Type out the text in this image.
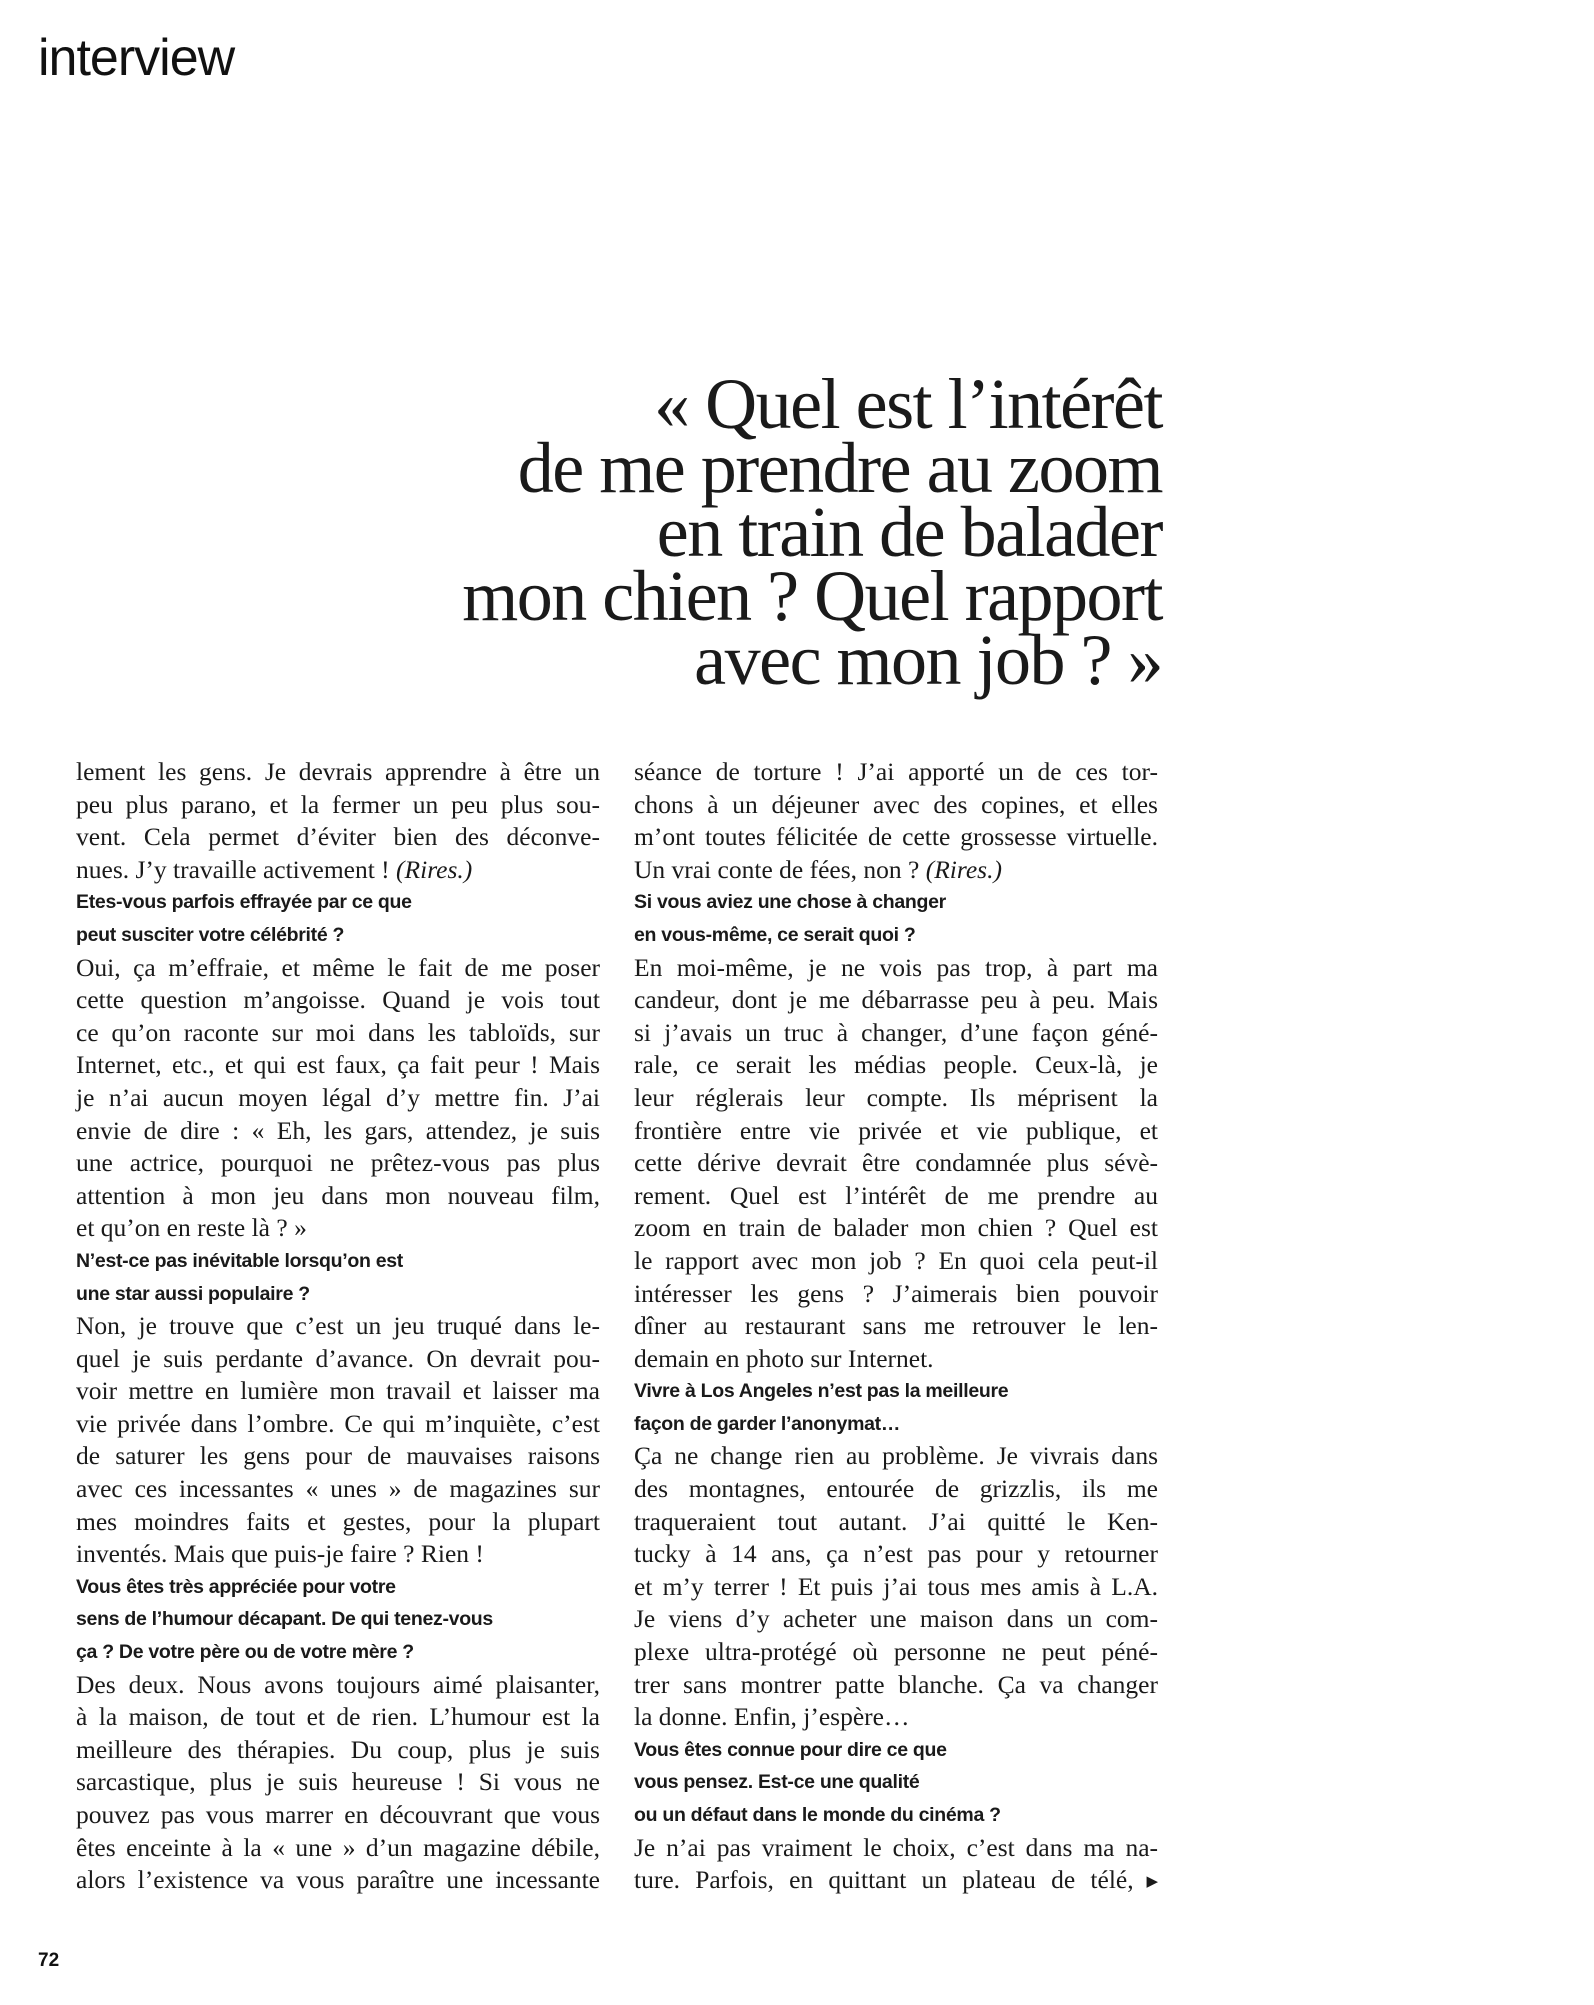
interview
« Quel est l’intérêt
de me prendre au zoom
en train de balader
mon chien ? Quel rapport
avec mon job ? »
lement les gens. Je devrais apprendre à être un
peu plus parano, et la fermer un peu plus sou-
vent. Cela permet d’éviter bien des déconve-
nues. J’y travaille activement ! (Rires.)
Etes-vous parfois effrayée par ce que
peut susciter votre célébrité ?
Oui, ça m’effraie, et même le fait de me poser
cette question m’angoisse. Quand je vois tout
ce qu’on raconte sur moi dans les tabloïds, sur
Internet, etc., et qui est faux, ça fait peur ! Mais
je n’ai aucun moyen légal d’y mettre fin. J’ai
envie de dire : « Eh, les gars, attendez, je suis
une actrice, pourquoi ne prêtez-vous pas plus
attention à mon jeu dans mon nouveau film,
et qu’on en reste là ? »
N’est-ce pas inévitable lorsqu’on est
une star aussi populaire ?
Non, je trouve que c’est un jeu truqué dans le-
quel je suis perdante d’avance. On devrait pou-
voir mettre en lumière mon travail et laisser ma
vie privée dans l’ombre. Ce qui m’inquiète, c’est
de saturer les gens pour de mauvaises raisons
avec ces incessantes « unes » de magazines sur
mes moindres faits et gestes, pour la plupart
inventés. Mais que puis-je faire ? Rien !
Vous êtes très appréciée pour votre
sens de l’humour décapant. De qui tenez-vous
ça ? De votre père ou de votre mère ?
Des deux. Nous avons toujours aimé plaisanter,
à la maison, de tout et de rien. L’humour est la
meilleure des thérapies. Du coup, plus je suis
sarcastique, plus je suis heureuse ! Si vous ne
pouvez pas vous marrer en découvrant que vous
êtes enceinte à la « une » d’un magazine débile,
alors l’existence va vous paraître une incessante
séance de torture ! J’ai apporté un de ces tor-
chons à un déjeuner avec des copines, et elles
m’ont toutes félicitée de cette grossesse virtuelle.
Un vrai conte de fées, non ? (Rires.)
Si vous aviez une chose à changer
en vous-même, ce serait quoi ?
En moi-même, je ne vois pas trop, à part ma
candeur, dont je me débarrasse peu à peu. Mais
si j’avais un truc à changer, d’une façon géné-
rale, ce serait les médias people. Ceux-là, je
leur réglerais leur compte. Ils méprisent la
frontière entre vie privée et vie publique, et
cette dérive devrait être condamnée plus sévè-
rement. Quel est l’intérêt de me prendre au
zoom en train de balader mon chien ? Quel est
le rapport avec mon job ? En quoi cela peut-il
intéresser les gens ? J’aimerais bien pouvoir
dîner au restaurant sans me retrouver le len-
demain en photo sur Internet.
Vivre à Los Angeles n’est pas la meilleure
façon de garder l’anonymat…
Ça ne change rien au problème. Je vivrais dans
des montagnes, entourée de grizzlis, ils me
traqueraient tout autant. J’ai quitté le Ken-
tucky à 14 ans, ça n’est pas pour y retourner
et m’y terrer ! Et puis j’ai tous mes amis à L.A.
Je viens d’y acheter une maison dans un com-
plexe ultra-protégé où personne ne peut péné-
trer sans montrer patte blanche. Ça va changer
la donne. Enfin, j’espère…
Vous êtes connue pour dire ce que
vous pensez. Est-ce une qualité
ou un défaut dans le monde du cinéma ?
Je n’ai pas vraiment le choix, c’est dans ma na-
ture. Parfois, en quittant un plateau de télé, ▶
72
